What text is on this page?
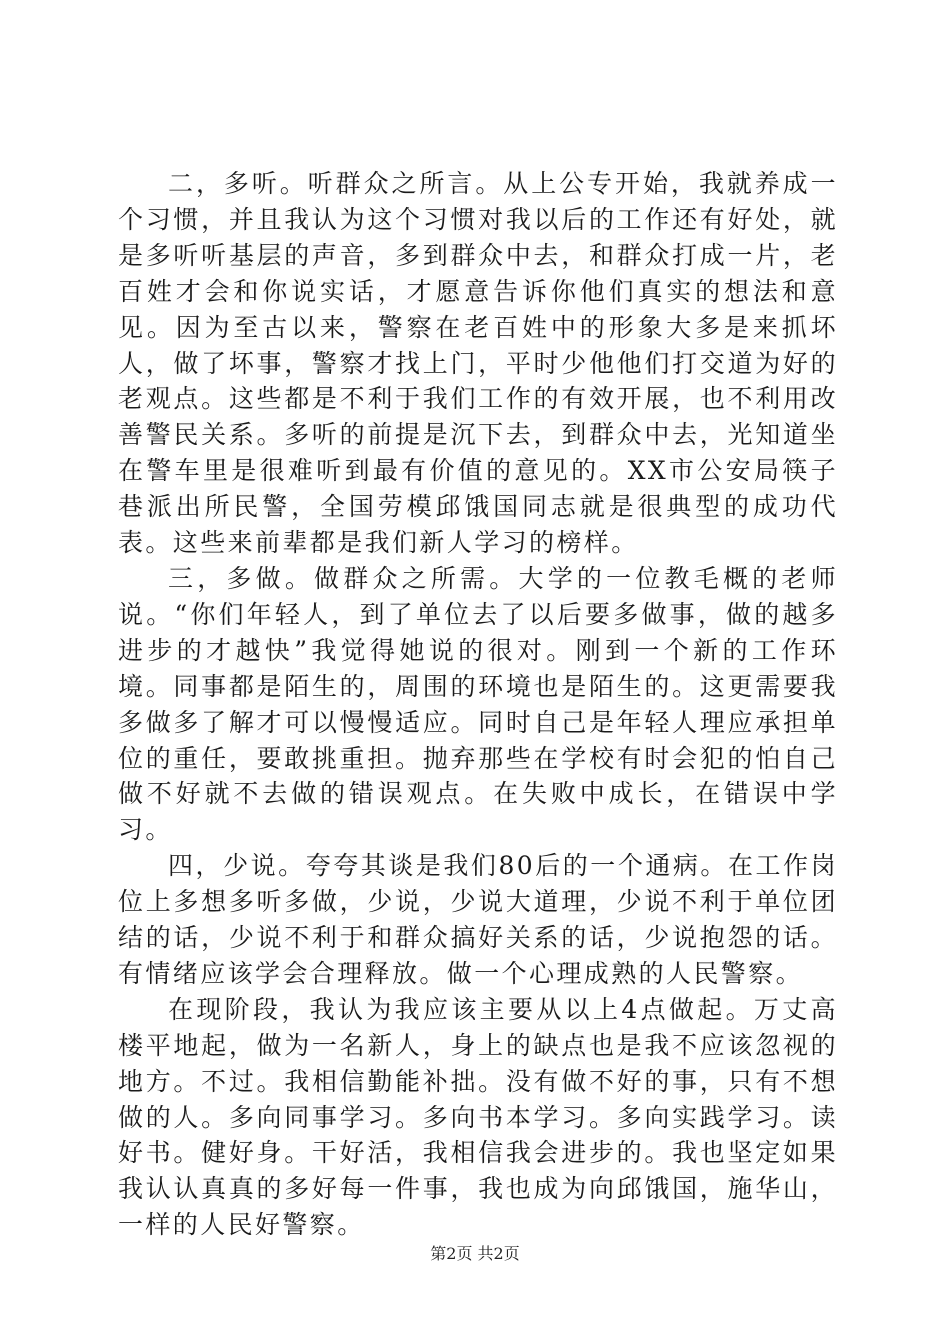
二，多听。听群众之所言。从上公专开始，我就养成一个习惯，并且我认为这个习惯对我以后的工作还有好处，就是多听听基层的声音，多到群众中去，和群众打成一片，老百姓才会和你说实话，才愿意告诉你他们真实的想法和意见。因为至古以来，警察在老百姓中的形象大多是来抓坏人，做了坏事，警察才找上门，平时少他他们打交道为好的老观点。这些都是不利于我们工作的有效开展，也不利用改善警民关系。多听的前提是沉下去，到群众中去，光知道坐在警车里是很难听到最有价值的意见的。XX市公安局筷子巷派出所民警，全国劳模邱饿国同志就是很典型的成功代表。这些来前辈都是我们新人学习的榜样。

三，多做。做群众之所需。大学的一位教毛概的老师说。“你们年轻人，到了单位去了以后要多做事，做的越多进步的才越快”我觉得她说的很对。刚到一个新的工作环境。同事都是陌生的，周围的环境也是陌生的。这更需要我多做多了解才可以慢慢适应。同时自己是年轻人理应承担单位的重任，要敢挑重担。抛弃那些在学校有时会犯的怕自己做不好就不去做的错误观点。在失败中成长，在错误中学习。

四，少说。夸夸其谈是我们80后的一个通病。在工作岗位上多想多听多做，少说，少说大道理，少说不利于单位团结的话，少说不利于和群众搞好关系的话，少说抱怨的话。有情绪应该学会合理释放。做一个心理成熟的人民警察。

在现阶段，我认为我应该主要从以上4点做起。万丈高楼平地起，做为一名新人，身上的缺点也是我不应该忽视的地方。不过。我相信勤能补拙。没有做不好的事，只有不想做的人。多向同事学习。多向书本学习。多向实践学习。读好书。健好身。干好活，我相信我会进步的。我也坚定如果我认认真真的多好每一件事，我也成为向邱饿国，施华山，一样的人民好警察。

第2页 共2页
